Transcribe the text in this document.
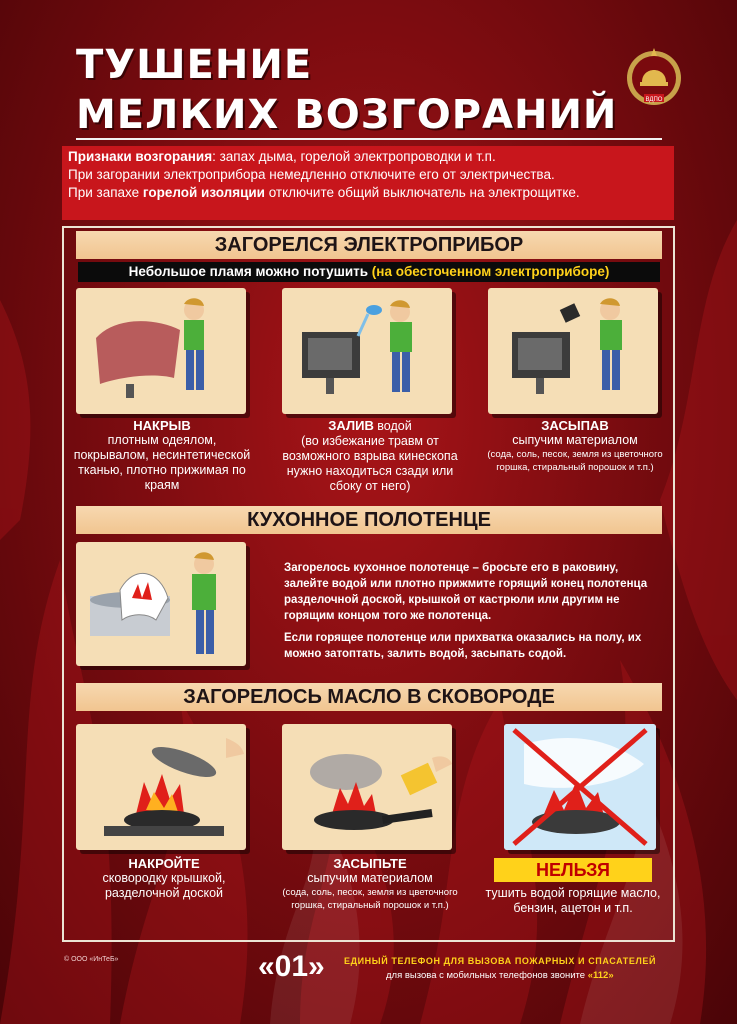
ТУШЕНИЕ
МЕЛКИХ ВОЗГОРАНИЙ	ВДПО

Признаки возгорания: запах дыма, горелой электропроводки и т.п.

При загорании электроприбора немедленно отключите его от электричества.

При запахе горелой изоляции отключите общий выключатель на электрощитке.

ЗАГОРЕЛСЯ ЭЛЕКТРОПРИБОР
Небольшое пламя можно потушить (на обесточенном электроприборе)
НАКРЫВ
плотным одеялом, покрывалом, несинтетической тканью, плотно прижимая по краям
ЗАЛИВ водой
(во избежание травм от возможного взрыва кинескопа нужно находиться сзади или сбоку от него)
ЗАСЫПАВ
сыпучим материалом
(сода, соль, песок, земля из цветочного горшка, стиральный порошок и т.п.)
КУХОННОЕ ПОЛОТЕНЦЕ

Загорелось кухонное полотенце – бросьте его в раковину, залейте водой или плотно прижмите горящий конец полотенца разделочной доской, крышкой от кастрюли или другим не горящим концом того же полотенца.

Если горящее полотенце или прихватка оказались на полу, их можно затоптать, залить водой, засыпать содой.

ЗАГОРЕЛОСЬ МАСЛО В СКОВОРОДЕ
НАКРОЙТЕ
сковородку крышкой, разделочной доской
ЗАСЫПЬТЕ
сыпучим материалом
(сода, соль, песок, земля из цветочного горшка, стиральный порошок и т.п.)
НЕЛЬЗЯ
тушить водой горящие масло, бензин, ацетон и т.п.
© ООО «ИнТеБ»	«01» ЕДИНЫЙ ТЕЛЕФОН ДЛЯ ВЫЗОВА ПОЖАРНЫХ И СПАСАТЕЛЕЙ
для вызова с мобильных телефонов звоните «112»
